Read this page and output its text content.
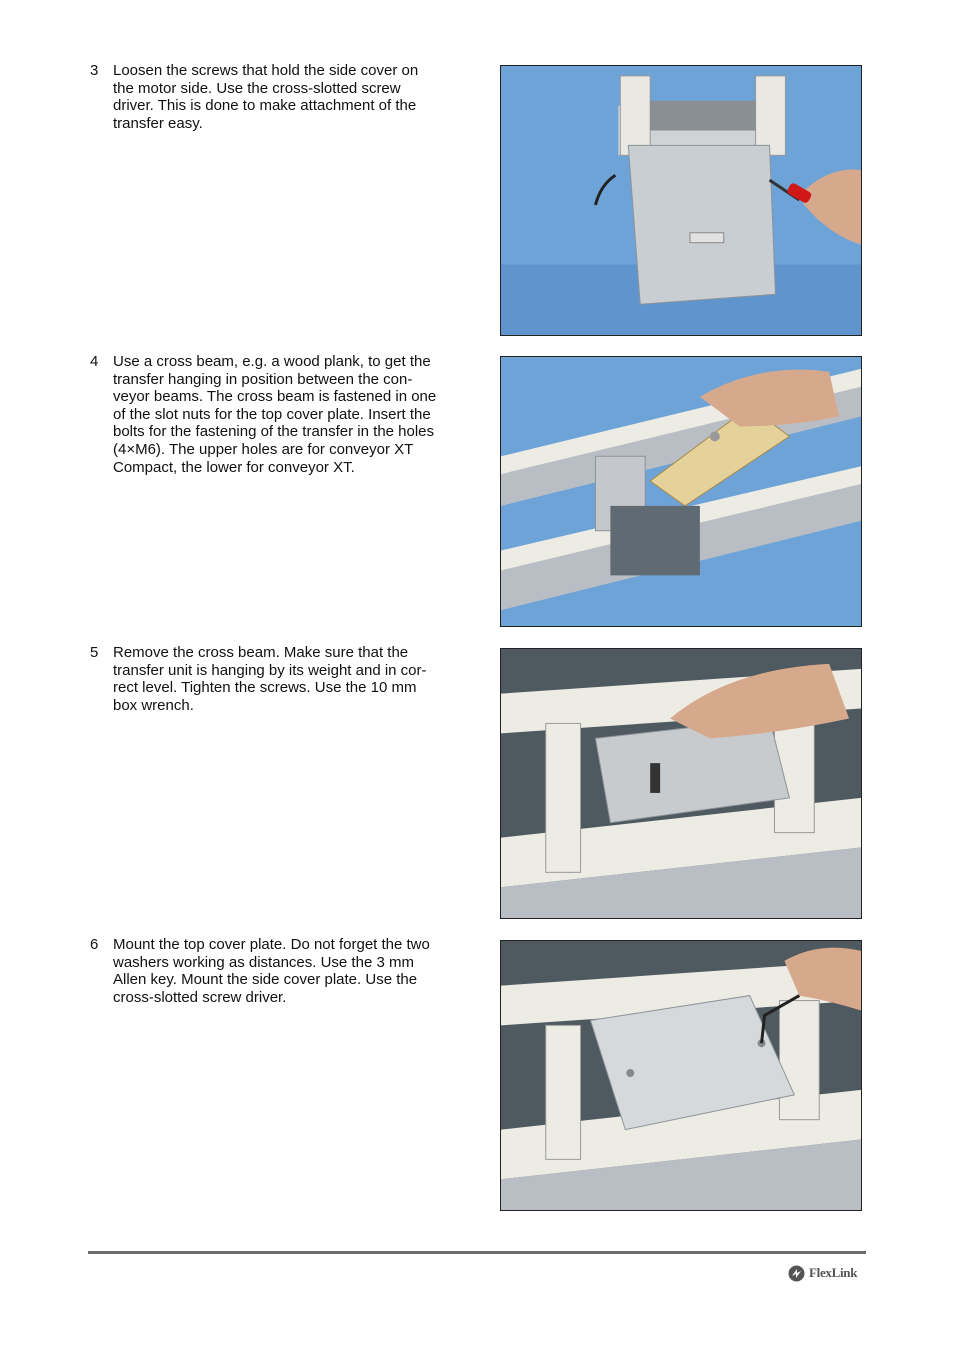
3 Loosen the screws that hold the side cover on
the motor side. Use the cross-slotted screw
driver. This is done to make attachment of the
transfer easy.
4 Use a cross beam, e.g. a wood plank, to get the
transfer hanging in position between the con-
veyor beams. The cross beam is fastened in one
of the slot nuts for the top cover plate. Insert the
bolts for the fastening of the transfer in the holes
(4×M6). The upper holes are for conveyor XT
Compact, the lower for conveyor XT.
5 Remove the cross beam. Make sure that the
transfer unit is hanging by its weight and in cor-
rect level. Tighten the screws. Use the 10 mm
box wrench.
6 Mount the top cover plate. Do not forget the two
washers working as distances. Use the 3 mm
Allen key. Mount the side cover plate. Use the
cross-slotted screw driver.
FlexLink
